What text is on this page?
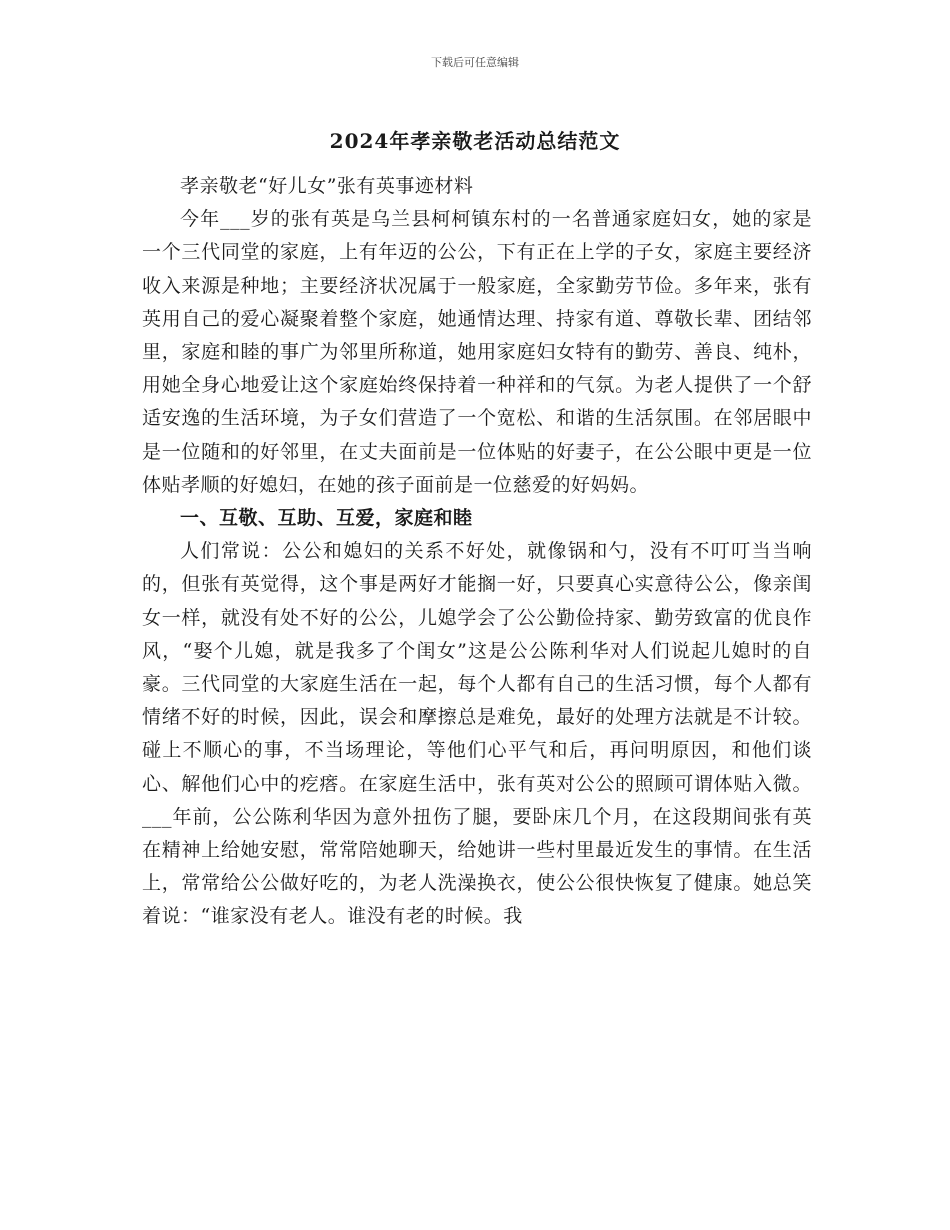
下载后可任意编辑
2024年孝亲敬老活动总结范文

孝亲敬老“好儿女”张有英事迹材料

今年___岁的张有英是乌兰县柯柯镇东村的一名普通家庭妇女，她的家是一个三代同堂的家庭，上有年迈的公公，下有正在上学的子女，家庭主要经济收入来源是种地；主要经济状况属于一般家庭，全家勤劳节俭。多年来，张有英用自己的爱心凝聚着整个家庭，她通情达理、持家有道、尊敬长辈、团结邻里，家庭和睦的事广为邻里所称道，她用家庭妇女特有的勤劳、善良、纯朴，用她全身心地爱让这个家庭始终保持着一种祥和的气氛。为老人提供了一个舒适安逸的生活环境，为子女们营造了一个宽松、和谐的生活氛围。在邻居眼中是一位随和的好邻里，在丈夫面前是一位体贴的好妻子，在公公眼中更是一位体贴孝顺的好媳妇，在她的孩子面前是一位慈爱的好妈妈。

一、互敬、互助、互爱，家庭和睦

人们常说：公公和媳妇的关系不好处，就像锅和勺，没有不叮叮当当响的，但张有英觉得，这个事是两好才能搁一好，只要真心实意待公公，像亲闺女一样，就没有处不好的公公，儿媳学会了公公勤俭持家、勤劳致富的优良作风，“娶个儿媳，就是我多了个闺女”这是公公陈利华对人们说起儿媳时的自豪。三代同堂的大家庭生活在一起，每个人都有自己的生活习惯，每个人都有情绪不好的时候，因此，误会和摩擦总是难免，最好的处理方法就是不计较。碰上不顺心的事，不当场理论，等他们心平气和后，再问明原因，和他们谈心、解他们心中的疙瘩。在家庭生活中，张有英对公公的照顾可谓体贴入微。___年前，公公陈利华因为意外扭伤了腿，要卧床几个月，在这段期间张有英在精神上给她安慰，常常陪她聊天，给她讲一些村里最近发生的事情。在生活上，常常给公公做好吃的，为老人洗澡换衣，使公公很快恢复了健康。她总笑着说：“谁家没有老人。谁没有老的时候。我
